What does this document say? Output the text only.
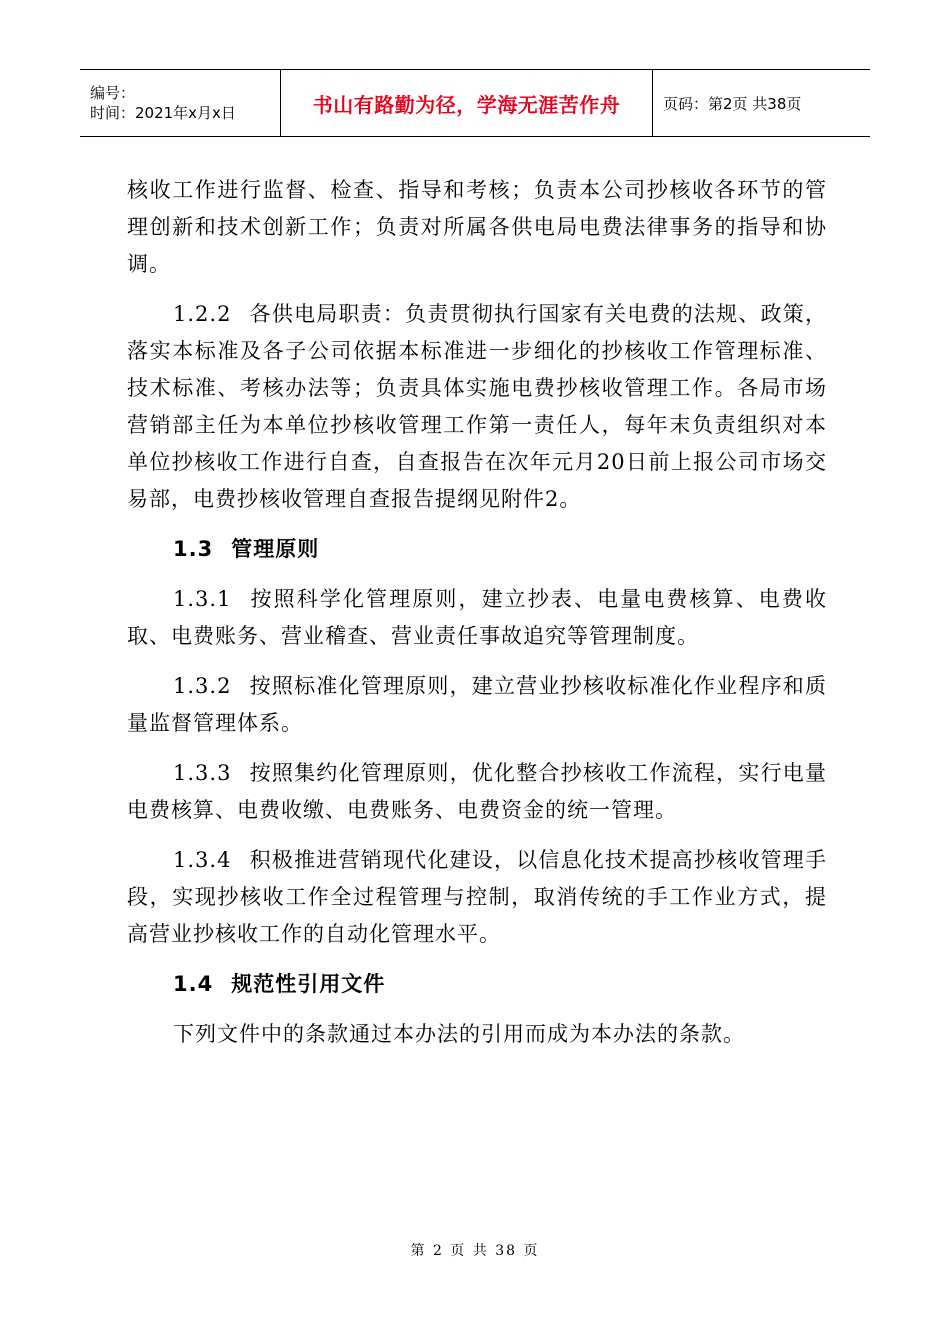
编号：
时间：2021年x月x日	书山有路勤为径，学海无涯苦作舟	页码：第2页 共38页

核收工作进行监督、检查、指导和考核；负责本公司抄核收各环节的管理创新和技术创新工作；负责对所属各供电局电费法律事务的指导和协调。

1.2.2 各供电局职责：负责贯彻执行国家有关电费的法规、政策，落实本标准及各子公司依据本标准进一步细化的抄核收工作管理标准、技术标准、考核办法等；负责具体实施电费抄核收管理工作。各局市场营销部主任为本单位抄核收管理工作第一责任人，每年末负责组织对本单位抄核收工作进行自查，自查报告在次年元月20日前上报公司市场交易部，电费抄核收管理自查报告提纲见附件2。

1.3 管理原则

1.3.1 按照科学化管理原则，建立抄表、电量电费核算、电费收取、电费账务、营业稽查、营业责任事故追究等管理制度。

1.3.2 按照标准化管理原则，建立营业抄核收标准化作业程序和质量监督管理体系。

1.3.3 按照集约化管理原则，优化整合抄核收工作流程，实行电量电费核算、电费收缴、电费账务、电费资金的统一管理。

1.3.4 积极推进营销现代化建设，以信息化技术提高抄核收管理手段，实现抄核收工作全过程管理与控制，取消传统的手工作业方式，提高营业抄核收工作的自动化管理水平。

1.4 规范性引用文件

下列文件中的条款通过本办法的引用而成为本办法的条款。

第 2 页 共 38 页
